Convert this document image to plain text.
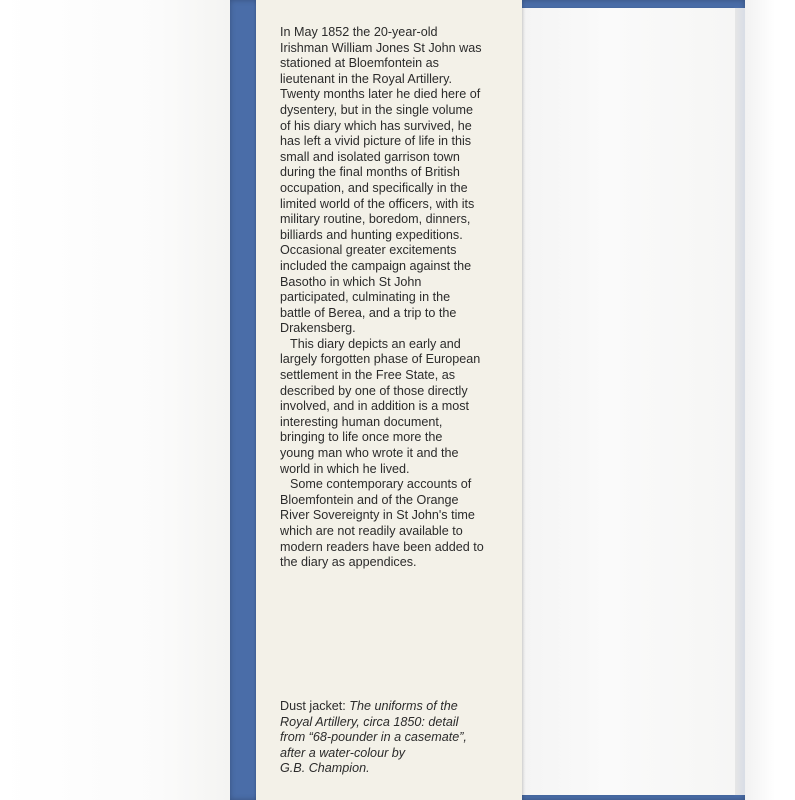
In May 1852 the 20-year-old
Irishman William Jones St John was
stationed at Bloemfontein as
lieutenant in the Royal Artillery.
Twenty months later he died here of
dysentery, but in the single volume
of his diary which has survived, he
has left a vivid picture of life in this
small and isolated garrison town
during the final months of British
occupation, and specifically in the
limited world of the officers, with its
military routine, boredom, dinners,
billiards and hunting expeditions.
Occasional greater excitements
included the campaign against the
Basotho in which St John
participated, culminating in the
battle of Berea, and a trip to the
Drakensberg.

This diary depicts an early and
largely forgotten phase of European
settlement in the Free State, as
described by one of those directly
involved, and in addition is a most
interesting human document,
bringing to life once more the
young man who wrote it and the
world in which he lived.

Some contemporary accounts of
Bloemfontein and of the Orange
River Sovereignty in St John's time
which are not readily available to
modern readers have been added to
the diary as appendices.

Dust jacket: The uniforms of the
Royal Artillery, circa 1850: detail
from “68-pounder in a casemate”,
after a water-colour by
G.B. Champion.
